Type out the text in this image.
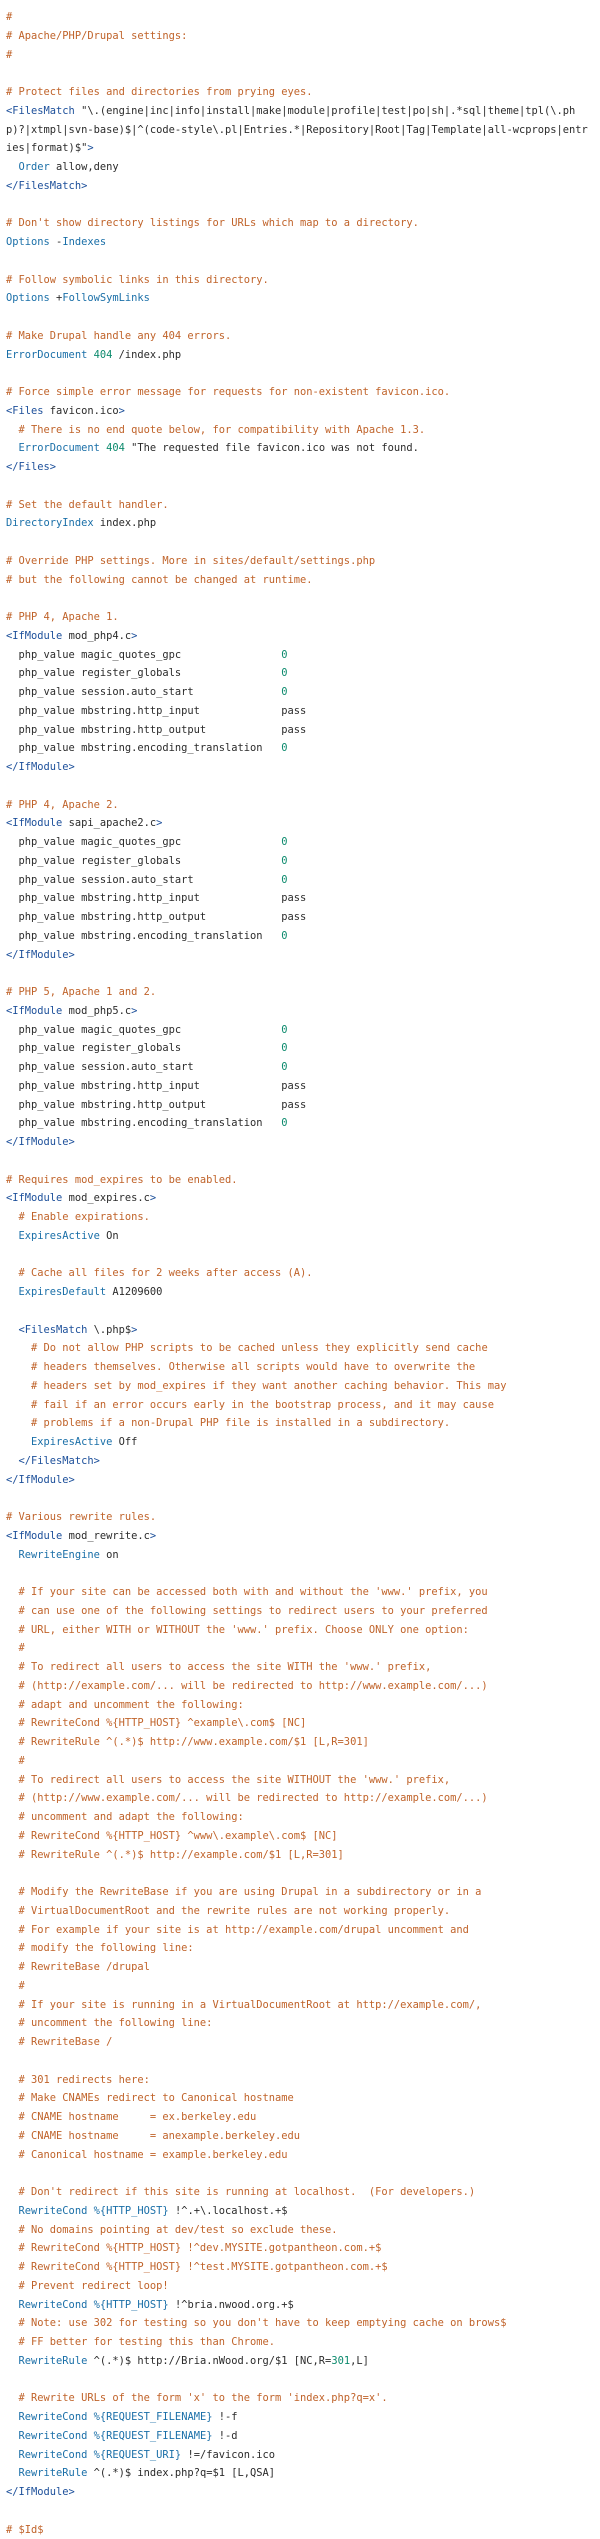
#
# Apache/PHP/Drupal settings:
#
# Protect files and directories from prying eyes.
<FilesMatch "\.(engine|inc|info|install|make|module|profile|test|po|sh|.*sql|theme|tpl(\.php)?|xtmpl|svn-base)$|^(code-style\.pl|Entries.*|Repository|Root|Tag|Template|all-wcprops|entries|format)$">
Order allow,deny
</FilesMatch>
# Don't show directory listings for URLs which map to a directory.
Options -Indexes
# Follow symbolic links in this directory.
Options +FollowSymLinks
# Make Drupal handle any 404 errors.
ErrorDocument 404 /index.php
# Force simple error message for requests for non-existent favicon.ico.
<Files favicon.ico>
# There is no end quote below, for compatibility with Apache 1.3.
ErrorDocument 404 "The requested file favicon.ico was not found.
</Files>
# Set the default handler.
DirectoryIndex index.php
# Override PHP settings. More in sites/default/settings.php
# but the following cannot be changed at runtime.
# PHP 4, Apache 1.
<IfModule mod_php4.c>
php_value magic_quotes_gpc                0
php_value register_globals                0
php_value session.auto_start              0
php_value mbstring.http_input             pass
php_value mbstring.http_output            pass
php_value mbstring.encoding_translation   0
</IfModule>
# PHP 4, Apache 2.
<IfModule sapi_apache2.c>
php_value magic_quotes_gpc                0
php_value register_globals                0
php_value session.auto_start              0
php_value mbstring.http_input             pass
php_value mbstring.http_output            pass
php_value mbstring.encoding_translation   0
</IfModule>
# PHP 5, Apache 1 and 2.
<IfModule mod_php5.c>
php_value magic_quotes_gpc                0
php_value register_globals                0
php_value session.auto_start              0
php_value mbstring.http_input             pass
php_value mbstring.http_output            pass
php_value mbstring.encoding_translation   0
</IfModule>
# Requires mod_expires to be enabled.
<IfModule mod_expires.c>
# Enable expirations.
ExpiresActive On
# Cache all files for 2 weeks after access (A).
ExpiresDefault A1209600
<FilesMatch \.php$>
# Do not allow PHP scripts to be cached unless they explicitly send cache
# headers themselves. Otherwise all scripts would have to overwrite the
# headers set by mod_expires if they want another caching behavior. This may
# fail if an error occurs early in the bootstrap process, and it may cause
# problems if a non-Drupal PHP file is installed in a subdirectory.
ExpiresActive Off
</FilesMatch>
</IfModule>
# Various rewrite rules.
<IfModule mod_rewrite.c>
RewriteEngine on
# If your site can be accessed both with and without the 'www.' prefix, you
# can use one of the following settings to redirect users to your preferred
# URL, either WITH or WITHOUT the 'www.' prefix. Choose ONLY one option:
#
# To redirect all users to access the site WITH the 'www.' prefix,
# (http://example.com/... will be redirected to http://www.example.com/...)
# adapt and uncomment the following:
# RewriteCond %{HTTP_HOST} ^example\.com$ [NC]
# RewriteRule ^(.*)$ http://www.example.com/$1 [L,R=301]
#
# To redirect all users to access the site WITHOUT the 'www.' prefix,
# (http://www.example.com/... will be redirected to http://example.com/...)
# uncomment and adapt the following:
# RewriteCond %{HTTP_HOST} ^www\.example\.com$ [NC]
# RewriteRule ^(.*)$ http://example.com/$1 [L,R=301]
# Modify the RewriteBase if you are using Drupal in a subdirectory or in a
# VirtualDocumentRoot and the rewrite rules are not working properly.
# For example if your site is at http://example.com/drupal uncomment and
# modify the following line:
# RewriteBase /drupal
#
# If your site is running in a VirtualDocumentRoot at http://example.com/,
# uncomment the following line:
# RewriteBase /
# 301 redirects here:
# Make CNAMEs redirect to Canonical hostname
# CNAME hostname     = ex.berkeley.edu
# CNAME hostname     = anexample.berkeley.edu
# Canonical hostname = example.berkeley.edu
# Don't redirect if this site is running at localhost.  (For developers.)
RewriteCond %{HTTP_HOST} !^.+\.localhost.+$
# No domains pointing at dev/test so exclude these.
# RewriteCond %{HTTP_HOST} !^dev.MYSITE.gotpantheon.com.+$
# RewriteCond %{HTTP_HOST} !^test.MYSITE.gotpantheon.com.+$
# Prevent redirect loop!
RewriteCond %{HTTP_HOST} !^bria.nwood.org.+$
# Note: use 302 for testing so you don't have to keep emptying cache on brows$
# FF better for testing this than Chrome.
RewriteRule ^(.*)$ http://Bria.nWood.org/$1 [NC,R=301,L]
# Rewrite URLs of the form 'x' to the form 'index.php?q=x'.
RewriteCond %{REQUEST_FILENAME} !-f
RewriteCond %{REQUEST_FILENAME} !-d
RewriteCond %{REQUEST_URI} !=/favicon.ico
RewriteRule ^(.*)$ index.php?q=$1 [L,QSA]
</IfModule>
# $Id$
